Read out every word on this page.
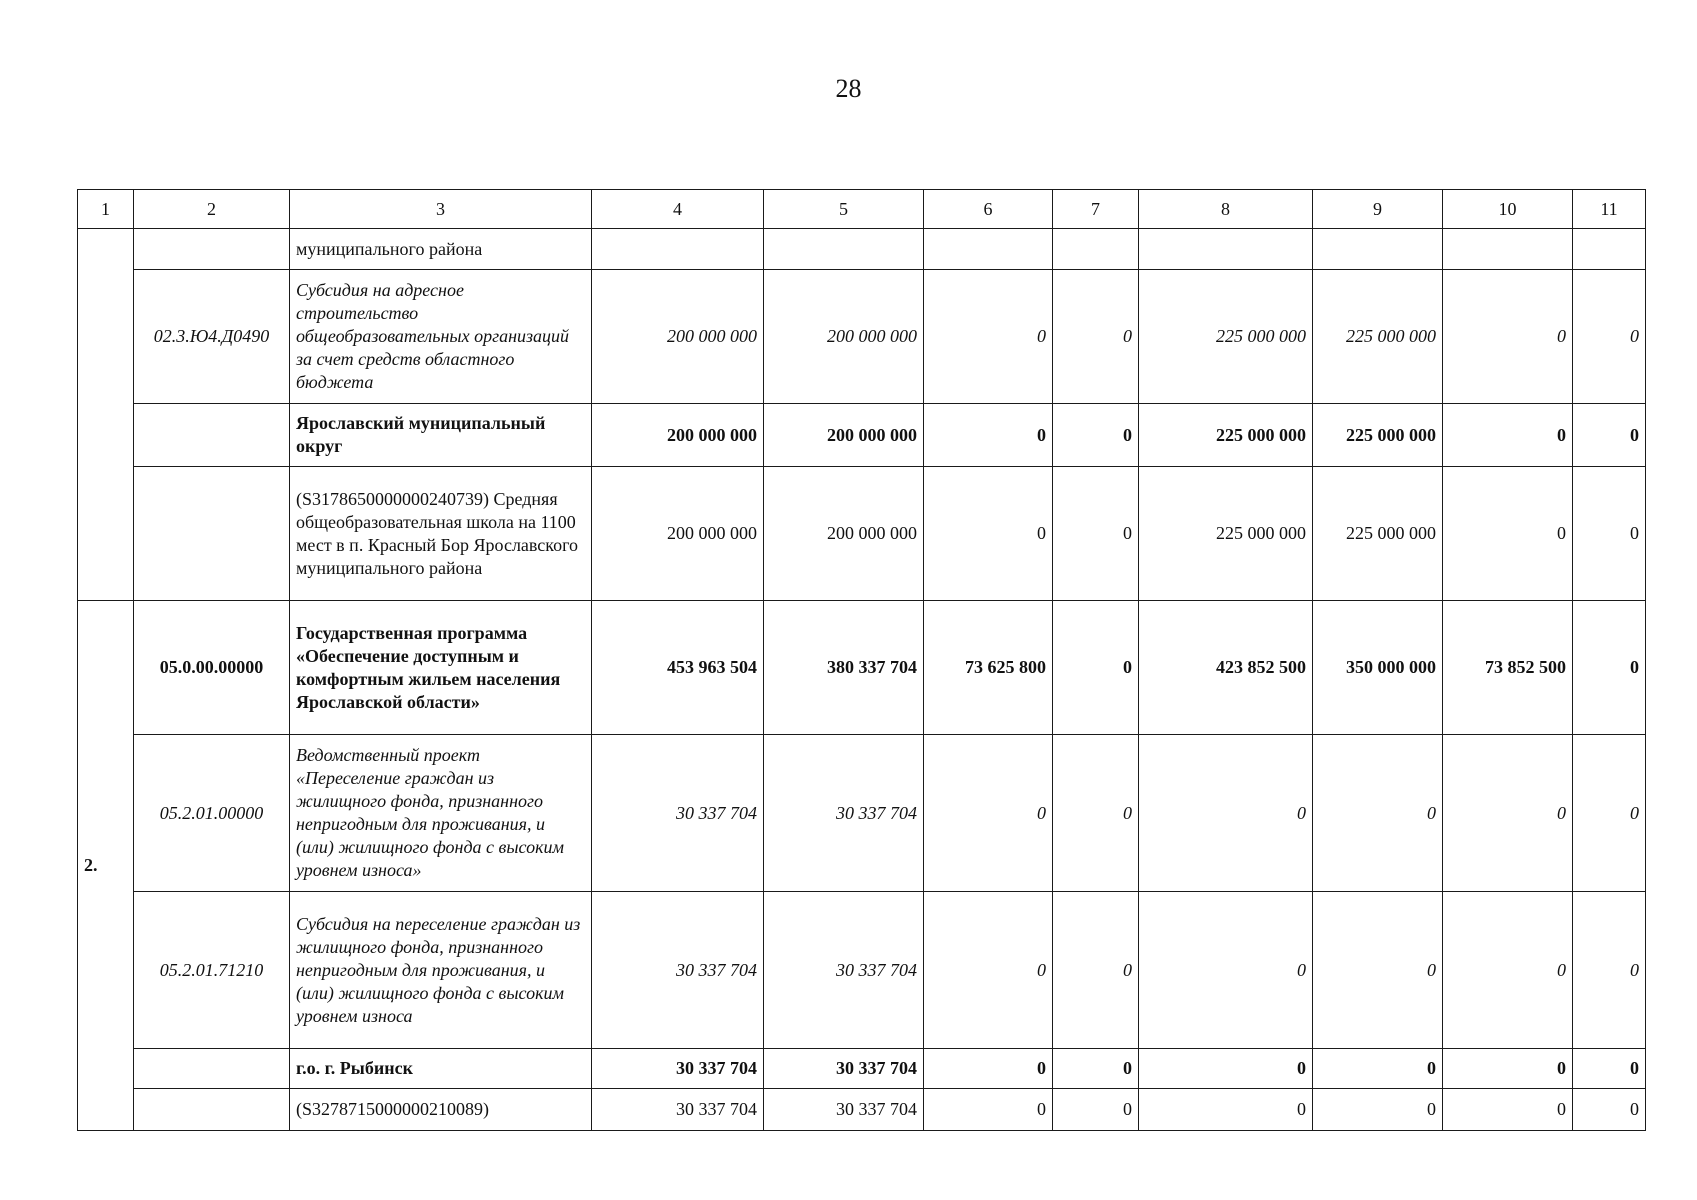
28
1	2	3	4	5	6	7	8	9	10	11
		муниципального района								
	02.3.Ю4.Д0490	Субсидия на адресное строительство общеобразовательных организаций за счет средств областного бюджета	200 000 000	200 000 000	0	0	225 000 000	225 000 000	0	0
		Ярославский муниципальный округ	200 000 000	200 000 000	0	0	225 000 000	225 000 000	0	0
		(S3178650000000240739) Средняя общеобразовательная школа на 1100 мест в п. Красный Бор Ярославского муниципального района	200 000 000	200 000 000	0	0	225 000 000	225 000 000	0	0
2.	05.0.00.00000	Государственная программа «Обеспечение доступным и комфортным жильем населения Ярославской области»	453 963 504	380 337 704	73 625 800	0	423 852 500	350 000 000	73 852 500	0
	05.2.01.00000	Ведомственный проект «Переселение граждан из жилищного фонда, признанного непригодным для проживания, и (или) жилищного фонда с высоким уровнем износа»	30 337 704	30 337 704	0	0	0	0	0	0
	05.2.01.71210	Субсидия на переселение граждан из жилищного фонда, признанного непригодным для проживания, и (или) жилищного фонда с высоким уровнем износа	30 337 704	30 337 704	0	0	0	0	0	0
		г.о. г. Рыбинск	30 337 704	30 337 704	0	0	0	0	0	0
		(S3278715000000210089)	30 337 704	30 337 704	0	0	0	0	0	0
